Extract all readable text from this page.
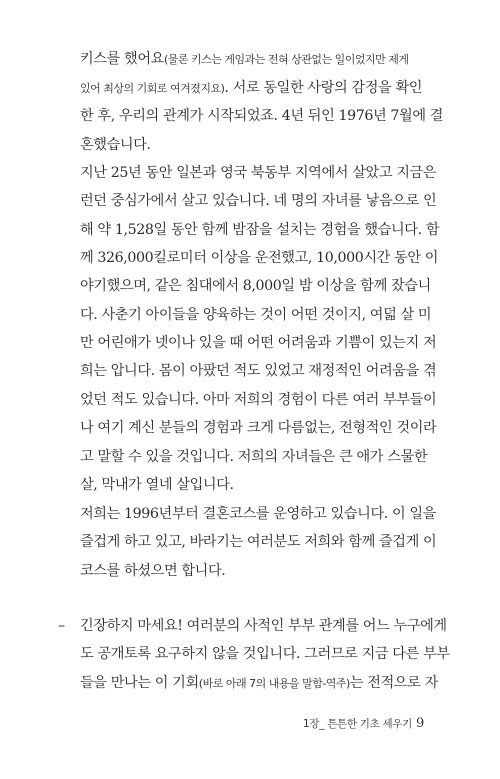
키스를 했어요(물론 키스는 게임과는 전혀 상관없는 일이었지만 제게
있어 최상의 기회로 여겨졌지요). 서로 동일한 사랑의 감정을 확인
한 후, 우리의 관계가 시작되었죠. 4년 뒤인 1976년 7월에 결
혼했습니다.
지난 25년 동안 일본과 영국 북동부 지역에서 살았고 지금은
런던 중심가에서 살고 있습니다. 네 명의 자녀를 낳음으로 인
해 약 1,528일 동안 함께 밤잠을 설치는 경험을 했습니다. 함
께 326,000킬로미터 이상을 운전했고, 10,000시간 동안 이
야기했으며, 같은 침대에서 8,000일 밤 이상을 함께 잤습니
다. 사춘기 아이들을 양육하는 것이 어떤 것이지, 여덟 살 미
만 어린애가 넷이나 있을 때 어떤 어려움과 기쁨이 있는지 저
희는 압니다. 몸이 아팠던 적도 있었고 재정적인 어려움을 겪
었던 적도 있습니다. 아마 저희의 경험이 다른 여러 부부들이
나 여기 계신 분들의 경험과 크게 다름없는, 전형적인 것이라
고 말할 수 있을 것입니다. 저희의 자녀들은 큰 애가 스물한
살, 막내가 열네 살입니다.
저희는 1996년부터 결혼코스를 운영하고 있습니다. 이 일을
즐겁게 하고 있고, 바라기는 여러분도 저희와 함께 즐겁게 이
코스를 하셨으면 합니다.
– 긴장하지 마세요! 여러분의 사적인 부부 관계를 어느 누구에게
도 공개토록 요구하지 않을 것입니다. 그러므로 지금 다른 부부
들을 만나는 이 기회(바로 아래 7의 내용을 말함-역주)는 전적으로 자
1장_ 튼튼한 기초 세우기 9
